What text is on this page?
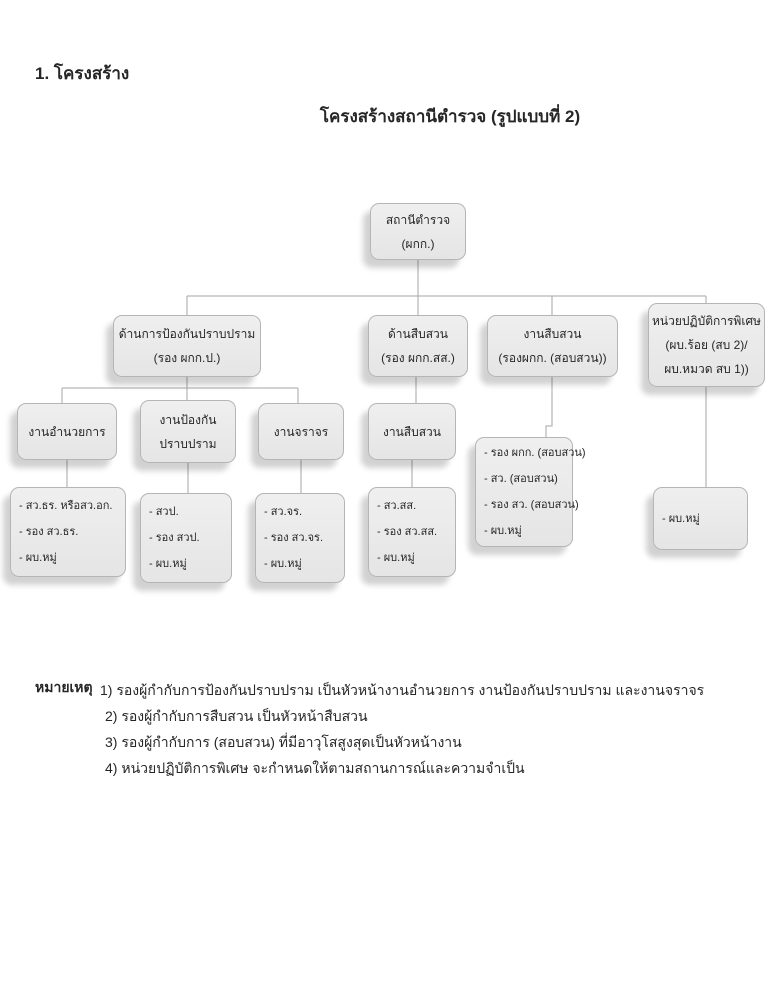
1. โครงสร้าง
โครงสร้างสถานีตำรวจ (รูปแบบที่ 2)
สถานีตำรวจ
(ผกก.)
ด้านการป้องกันปราบปราม
(รอง ผกก.ป.)
ด้านสืบสวน
(รอง ผกก.สส.)
งานสืบสวน
(รองผกก. (สอบสวน))
หน่วยปฏิบัติการพิเศษ
(ผบ.ร้อย (สบ 2)/
ผบ.หมวด สบ 1))
งานอำนวยการ
งานป้องกัน
ปราบปราม
งานจราจร	งานสืบสวน
- สว.ธร. หรือสว.อก.
- รอง สว.ธร.
- ผบ.หมู่
- สวป.
- รอง สวป.
- ผบ.หมู่
- สว.จร.
- รอง สว.จร.
- ผบ.หมู่
- สว.สส.
- รอง สว.สส.
- ผบ.หมู่
- รอง ผกก. (สอบสวน)
- สว. (สอบสวน)
- รอง สว. (สอบสวน)
- ผบ.หมู่
- ผบ.หมู่
หมายเหตุ 1) รองผู้กำกับการป้องกันปราบปราม เป็นหัวหน้างานอำนวยการ งานป้องกันปราบปราม และงานจราจร
2) รองผู้กำกับการสืบสวน เป็นหัวหน้าสืบสวน
3) รองผู้กำกับการ (สอบสวน) ที่มีอาวุโสสูงสุดเป็นหัวหน้างาน
4) หน่วยปฏิบัติการพิเศษ จะกำหนดให้ตามสถานการณ์และความจำเป็น
